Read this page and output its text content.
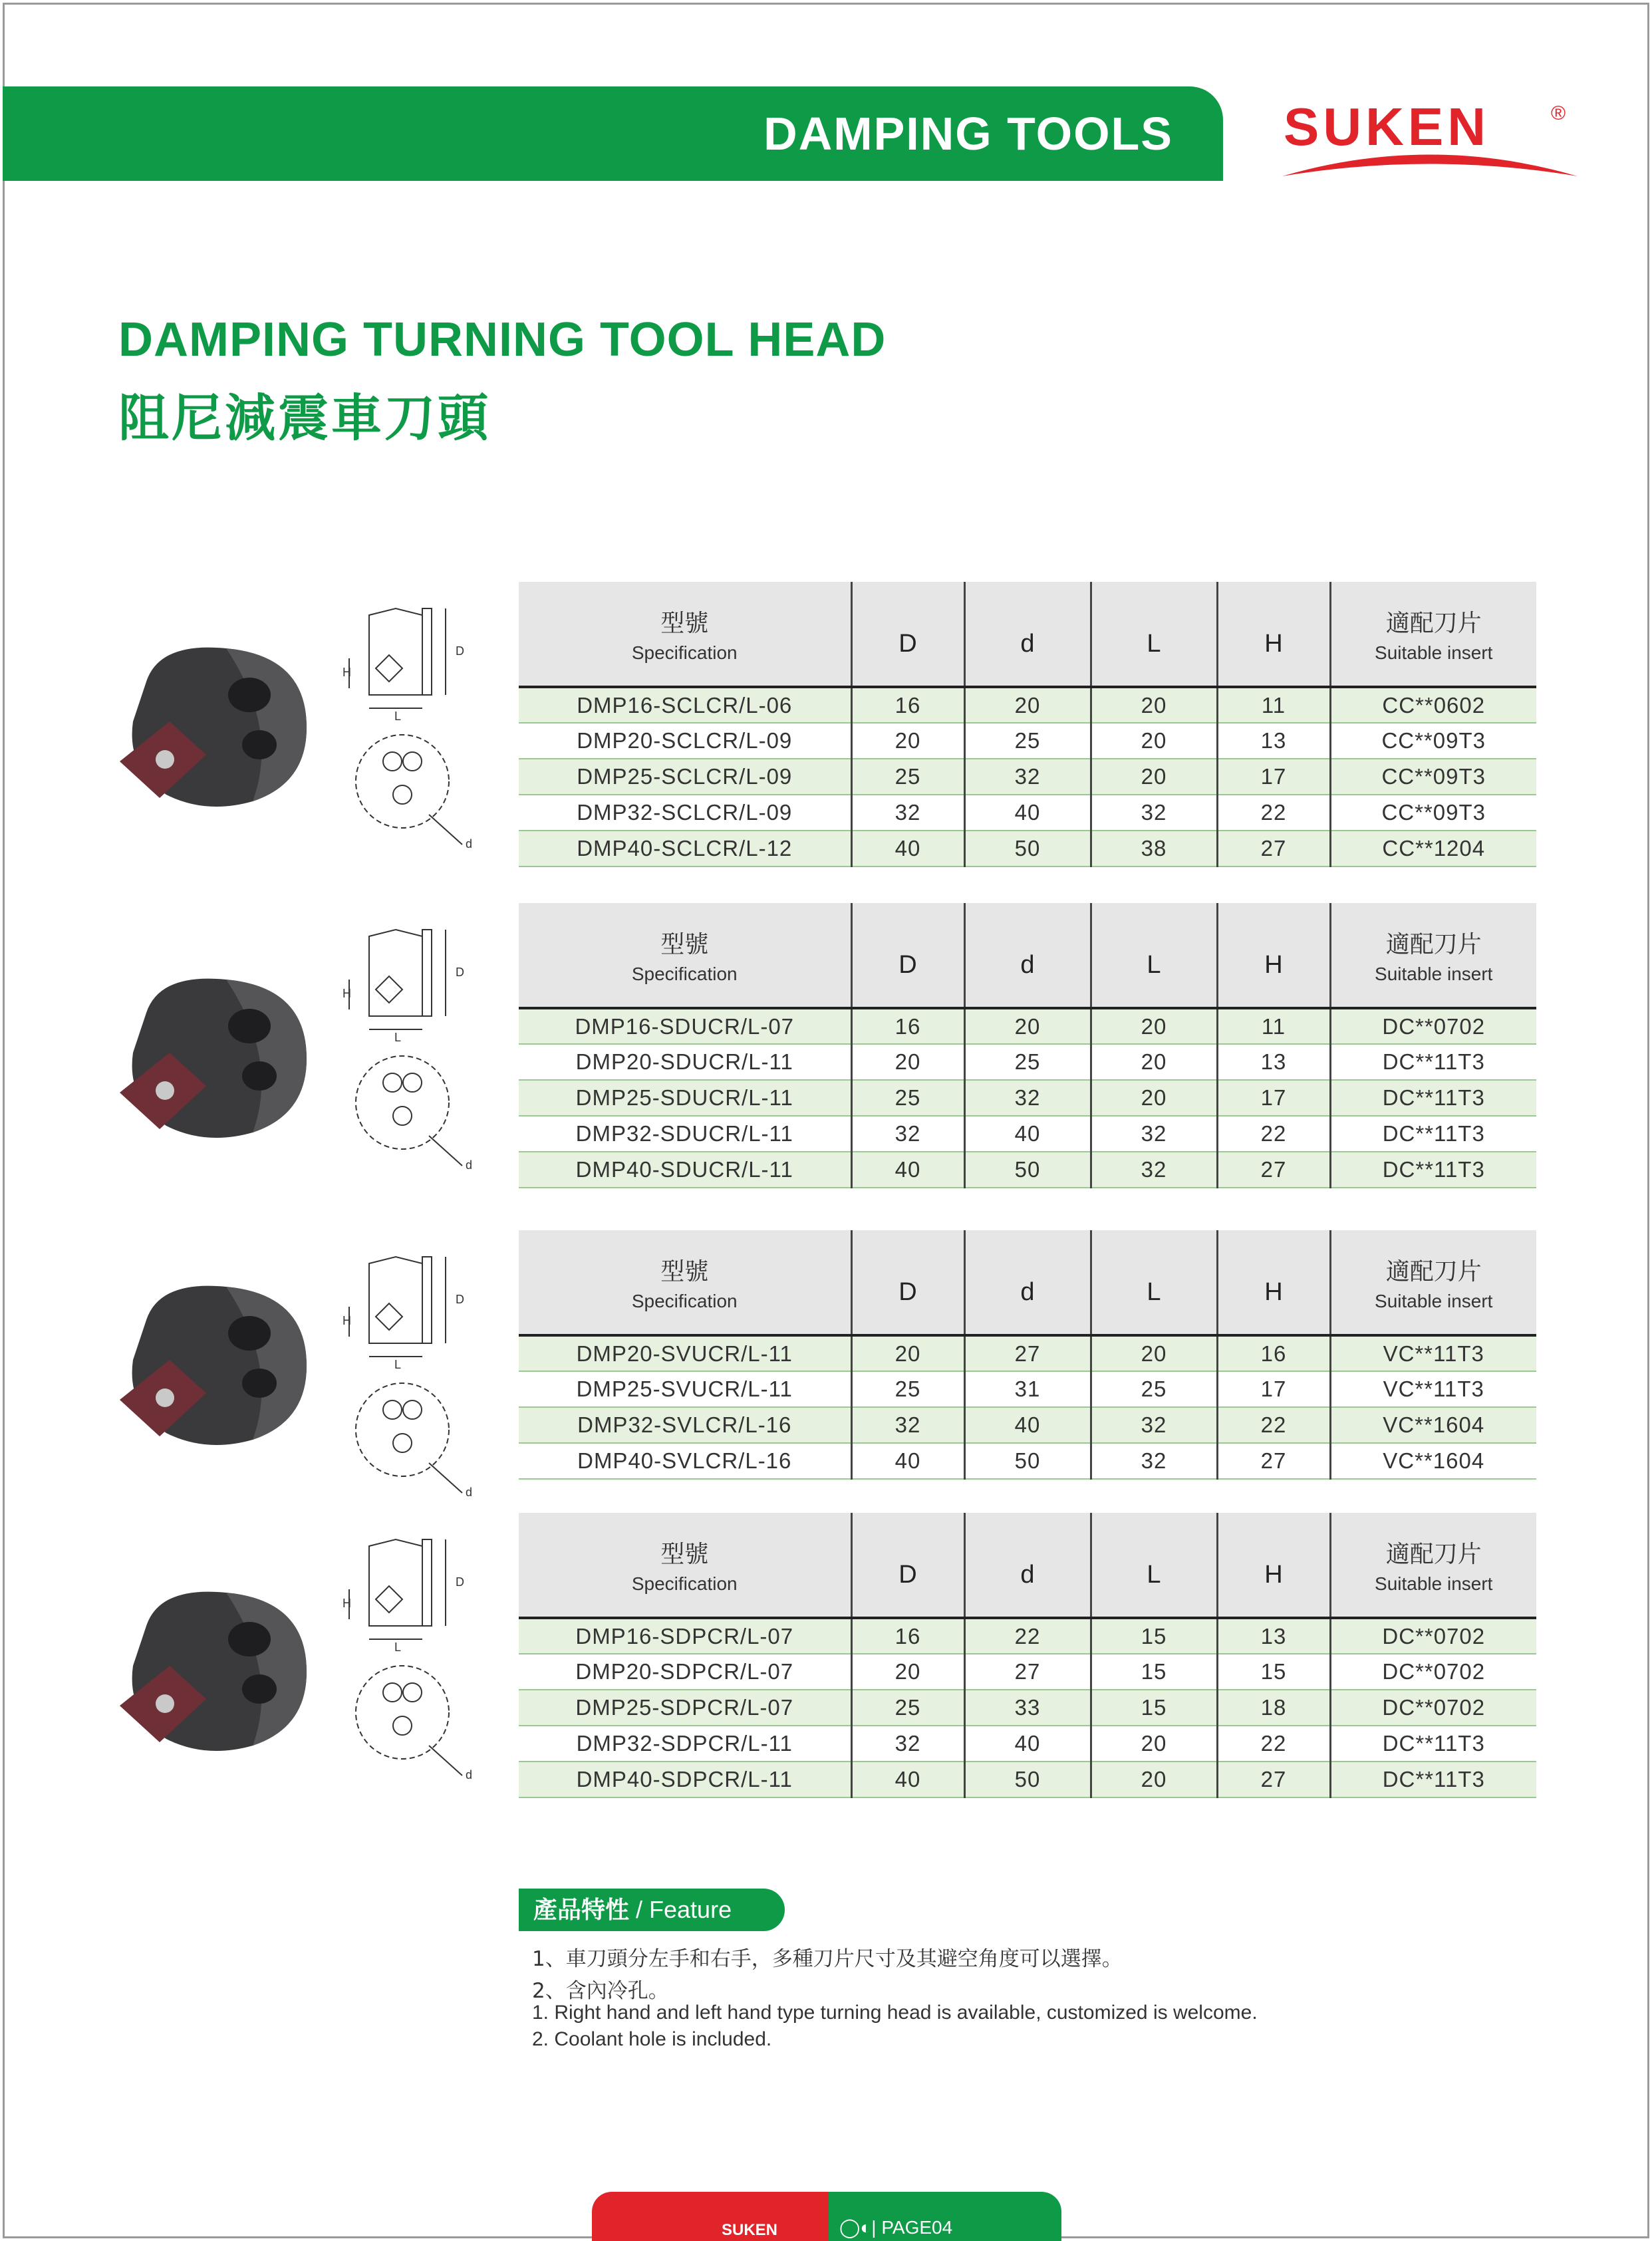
DAMPING TOOLS SUKEN	®
DAMPING TURNING TOOL HEAD
阻尼減震車刀頭
H
L
D
d
型號
Specification	D	d	L	H	適配刀片
Suitable insert

DMP16-SCLCR/L-06	16	20	20	11	CC**0602
DMP20-SCLCR/L-09	20	25	20	13	CC**09T3
DMP25-SCLCR/L-09	25	32	20	17	CC**09T3
DMP32-SCLCR/L-09	32	40	32	22	CC**09T3
DMP40-SCLCR/L-12	40	50	38	27	CC**1204
H
L
D
d
型號
Specification	D	d	L	H	適配刀片
Suitable insert

DMP16-SDUCR/L-07	16	20	20	11	DC**0702
DMP20-SDUCR/L-11	20	25	20	13	DC**11T3
DMP25-SDUCR/L-11	25	32	20	17	DC**11T3
DMP32-SDUCR/L-11	32	40	32	22	DC**11T3
DMP40-SDUCR/L-11	40	50	32	27	DC**11T3
H
L
D
d
型號
Specification	D	d	L	H	適配刀片
Suitable insert

DMP20-SVUCR/L-11	20	27	20	16	VC**11T3
DMP25-SVUCR/L-11	25	31	25	17	VC**11T3
DMP32-SVLCR/L-16	32	40	32	22	VC**1604
DMP40-SVLCR/L-16	40	50	32	27	VC**1604
H
L
D
d
型號
Specification	D	d	L	H	適配刀片
Suitable insert

DMP16-SDPCR/L-07	16	22	15	13	DC**0702
DMP20-SDPCR/L-07	20	27	15	15	DC**0702
DMP25-SDPCR/L-07	25	33	15	18	DC**0702
DMP32-SDPCR/L-11	32	40	20	22	DC**11T3
DMP40-SDPCR/L-11	40	50	20	27	DC**11T3
產品特性 / Feature
1、車刀頭分左手和右手，多種刀片尺寸及其避空角度可以選擇。
2、含內冷孔。
1. Right hand and left hand type turning head is available, customized is welcome.
2. Coolant hole is included.
SUKEN	◯◐| PAGE04
